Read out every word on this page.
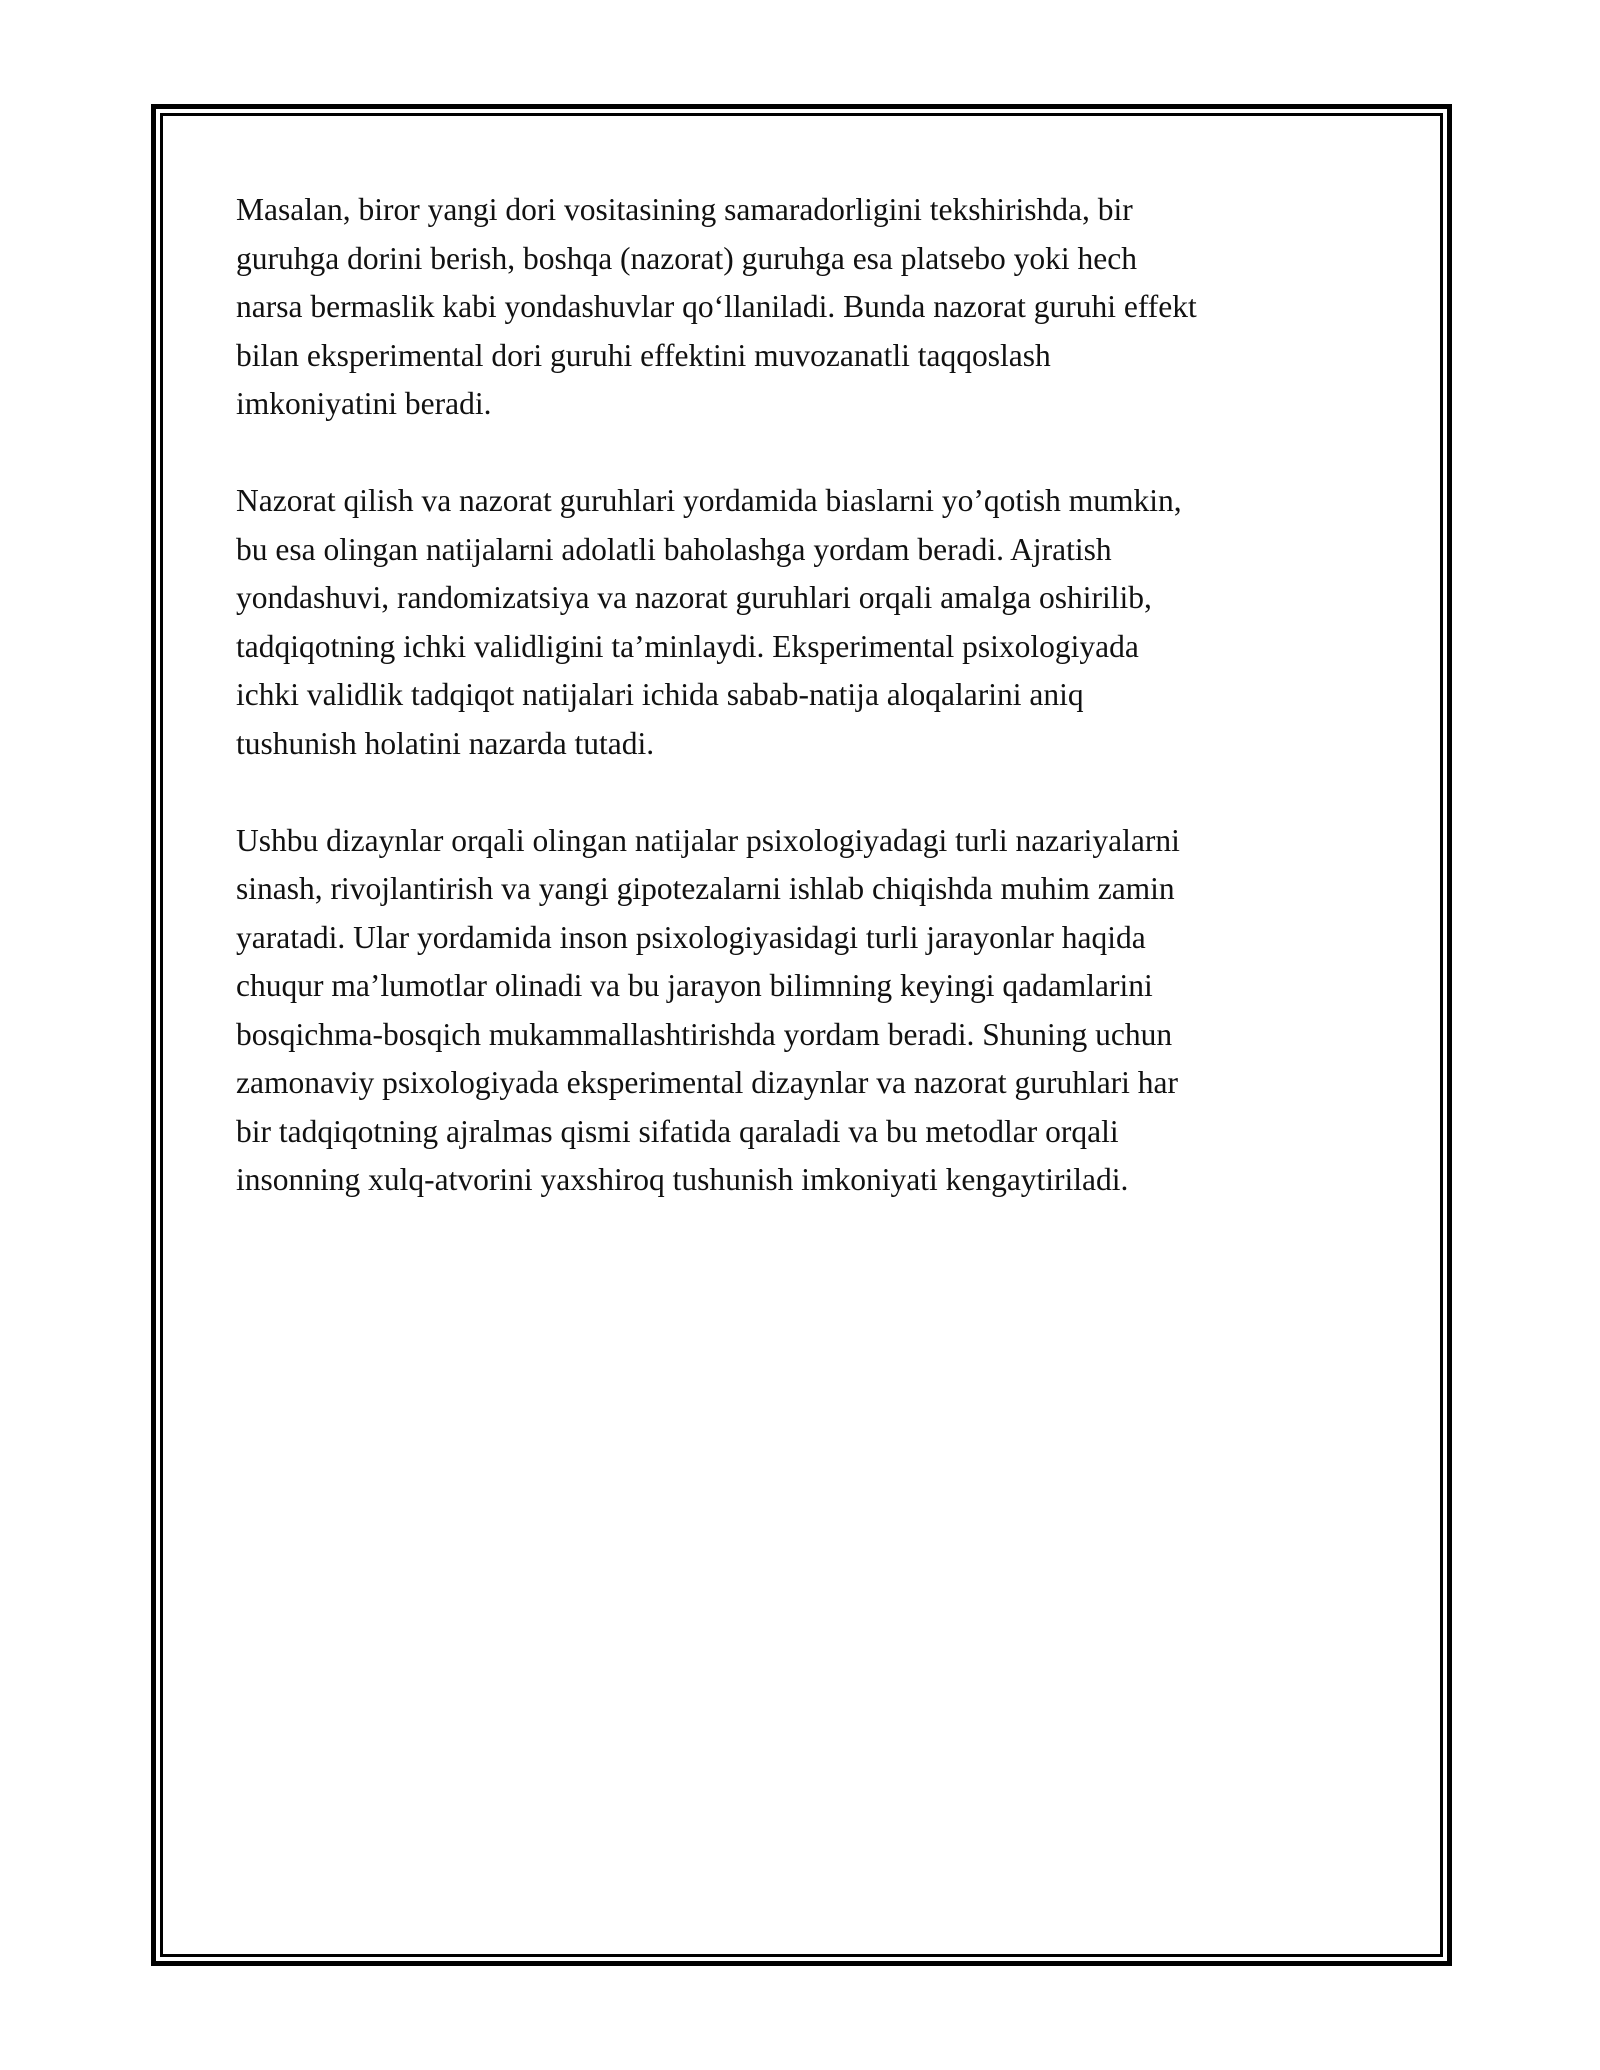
Masalan, biror yangi dori vositasining samaradorligini tekshirishda, bir
guruhga dorini berish, boshqa (nazorat) guruhga esa platsebo yoki hech
narsa bermaslik kabi yondashuvlar qo‘llaniladi. Bunda nazorat guruhi effekt
bilan eksperimental dori guruhi effektini muvozanatli taqqoslash
imkoniyatini beradi.

Nazorat qilish va nazorat guruhlari yordamida biaslarni yo’qotish mumkin,
bu esa olingan natijalarni adolatli baholashga yordam beradi. Ajratish
yondashuvi, randomizatsiya va nazorat guruhlari orqali amalga oshirilib,
tadqiqotning ichki validligini ta’minlaydi. Eksperimental psixologiyada
ichki validlik tadqiqot natijalari ichida sabab-natija aloqalarini aniq
tushunish holatini nazarda tutadi.

Ushbu dizaynlar orqali olingan natijalar psixologiyadagi turli nazariyalarni
sinash, rivojlantirish va yangi gipotezalarni ishlab chiqishda muhim zamin
yaratadi. Ular yordamida inson psixologiyasidagi turli jarayonlar haqida
chuqur ma’lumotlar olinadi va bu jarayon bilimning keyingi qadamlarini
bosqichma-bosqich mukammallashtirishda yordam beradi. Shuning uchun
zamonaviy psixologiyada eksperimental dizaynlar va nazorat guruhlari har
bir tadqiqotning ajralmas qismi sifatida qaraladi va bu metodlar orqali
insonning xulq-atvorini yaxshiroq tushunish imkoniyati kengaytiriladi.
